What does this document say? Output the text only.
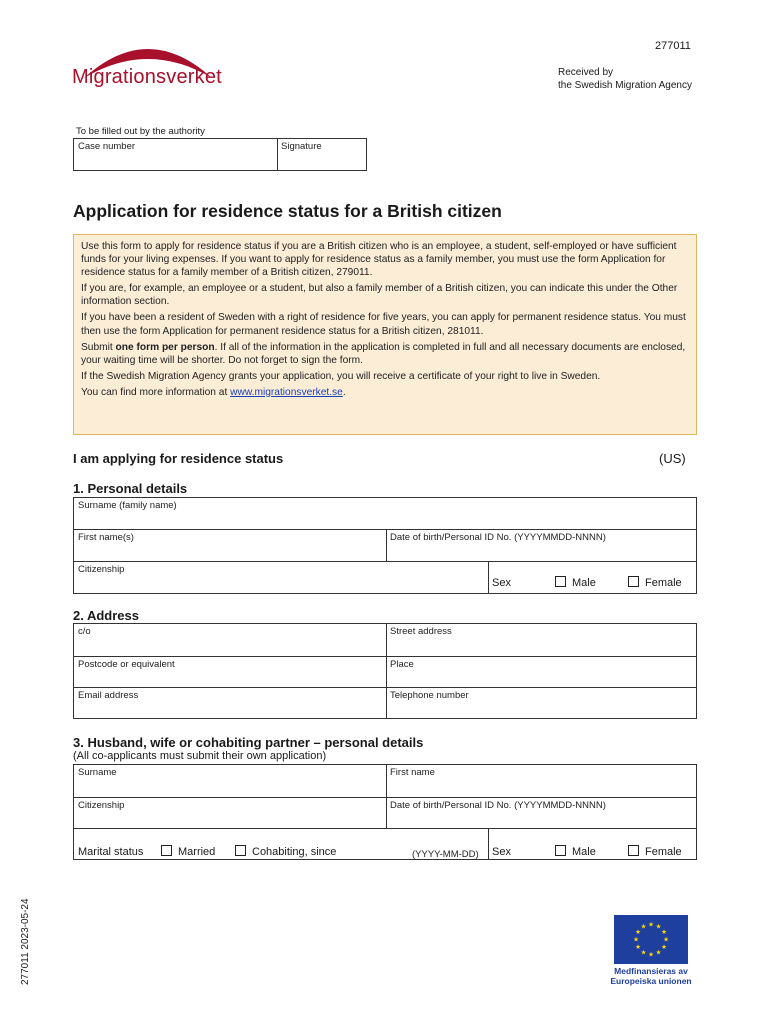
Migrationsverket
277011
Received by
the Swedish Migration Agency
To be filled out by the authority
Case number	Signature
Application for residence status for a British citizen

Use this form to apply for residence status if you are a British citizen who is an employee, a student, self-employed or have sufficient funds for your living expenses. If you want to apply for residence status as a family member, you must use the form Application for residence status for a family member of a British citizen, 279011.

If you are, for example, an employee or a student, but also a family member of a British citizen, you can indicate this under the Other information section.

If you have been a resident of Sweden with a right of residence for five years, you can apply for permanent residence status. You must then use the form Application for permanent residence status for a British citizen, 281011.

Submit one form per person. If all of the information in the application is completed in full and all necessary documents are enclosed, your waiting time will be shorter. Do not forget to sign the form.

If the Swedish Migration Agency grants your application, you will receive a certificate of your right to live in Sweden.

You can find more information at www.migrationsverket.se.

I am applying for residence status	(US)
1. Personal details
Surname (family name)
First name(s)	Date of birth/Personal ID No. (YYYYMMDD-NNNN)
Citizenship
Sex	Male	Female
2. Address
c/o	Street address
Postcode or equivalent	Place
Email address	Telephone number
3. Husband, wife or cohabiting partner – personal details
(All co-applicants must submit their own application)
Surname	First name
Citizenship	Date of birth/Personal ID No. (YYYYMMDD-NNNN)
Marital status	Married	Cohabiting, since	(YYYY-MM-DD) Sex	Male	Female
277011 2023-05-24	★ ★
★
★
★
★
★
★
★
★
★
★
Medfinansieras av
Europeiska unionen
